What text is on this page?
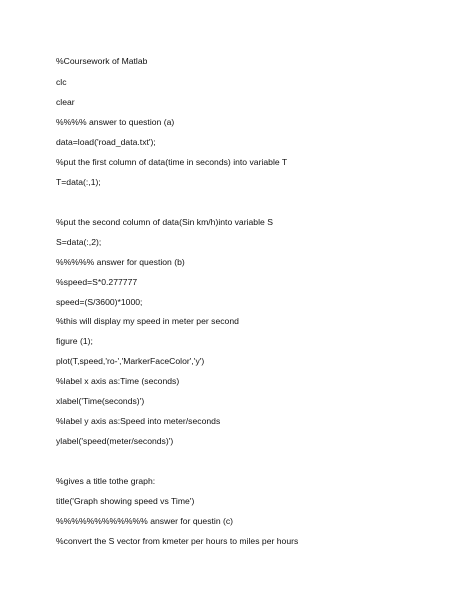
%Coursework of Matlab
clc
clear
%%%% answer to question (a)
data=load('road_data.txt');
%put the first column of data(time in seconds) into variable T
T=data(:,1);
%put the second column of data(Sin km/h)into variable S
S=data(:,2);
%%%%% answer for question (b)
%speed=S*0.277777
speed=(S/3600)*1000;
%this will display my speed in meter per second
figure (1);
plot(T,speed,'ro-','MarkerFaceColor','y')
%label x axis as:Time (seconds)
xlabel('Time(seconds)')
%label y axis as:Speed into meter/seconds
ylabel('speed(meter/seconds)')
%gives a title tothe graph:
title('Graph showing speed vs Time')
%%%%%%%%%%%% answer for questin (c)
%convert the S vector from kmeter per hours to miles per hours
